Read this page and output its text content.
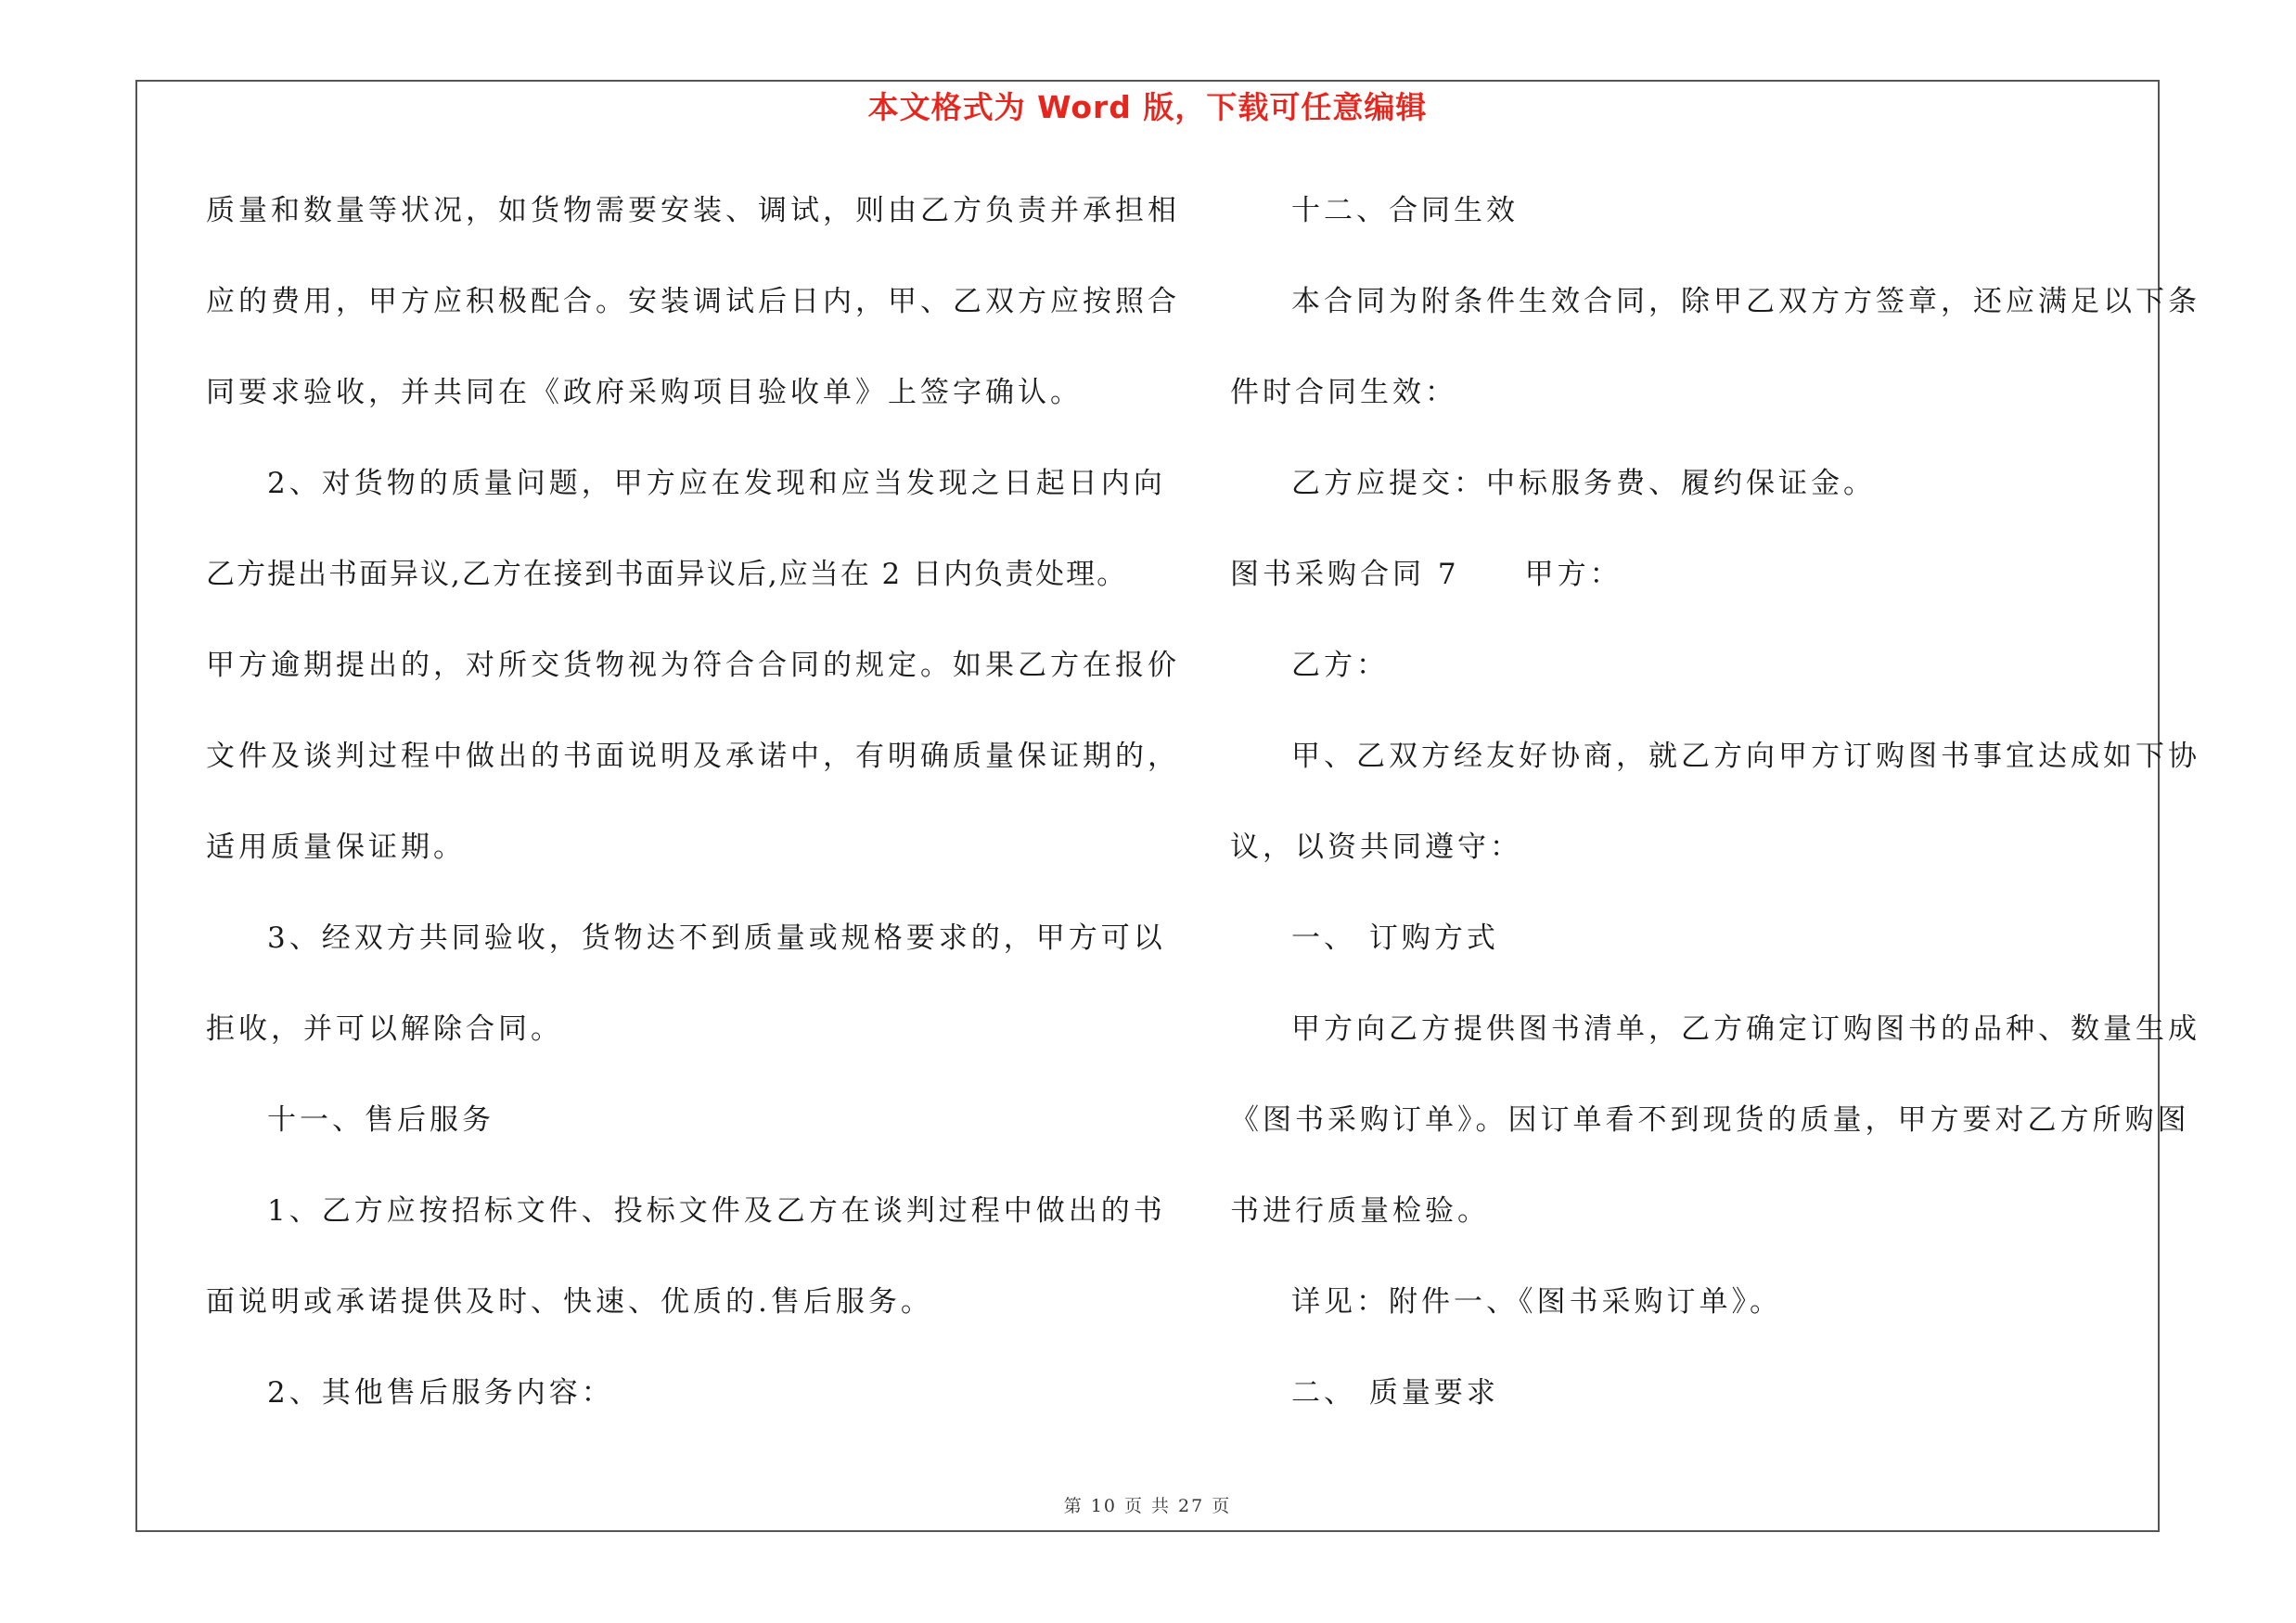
本文格式为 Word 版，下载可任意编辑
质量和数量等状况，如货物需要安装、调试，则由乙方负责并承担相
应的费用，甲方应积极配合。安装调试后日内，甲、乙双方应按照合
同要求验收，并共同在《政府采购项目验收单》上签字确认。
2、对货物的质量问题，甲方应在发现和应当发现之日起日内向
乙方提出书面异议,乙方在接到书面异议后,应当在 2 日内负责处理。
甲方逾期提出的，对所交货物视为符合合同的规定。如果乙方在报价
文件及谈判过程中做出的书面说明及承诺中，有明确质量保证期的，
适用质量保证期。
3、经双方共同验收，货物达不到质量或规格要求的，甲方可以
拒收，并可以解除合同。
十一、售后服务
1、乙方应按招标文件、投标文件及乙方在谈判过程中做出的书
面说明或承诺提供及时、快速、优质的.售后服务。
2、其他售后服务内容：
十二、合同生效
本合同为附条件生效合同，除甲乙双方方签章，还应满足以下条
件时合同生效：
乙方应提交：中标服务费、履约保证金。
图书采购合同 7　　甲方：
乙方：
甲、乙双方经友好协商，就乙方向甲方订购图书事宜达成如下协
议，以资共同遵守：
一、 订购方式
甲方向乙方提供图书清单，乙方确定订购图书的品种、数量生成
《图书采购订单》。因订单看不到现货的质量，甲方要对乙方所购图
书进行质量检验。
详见：附件一、《图书采购订单》。
二、 质量要求
第 10 页 共 27 页
